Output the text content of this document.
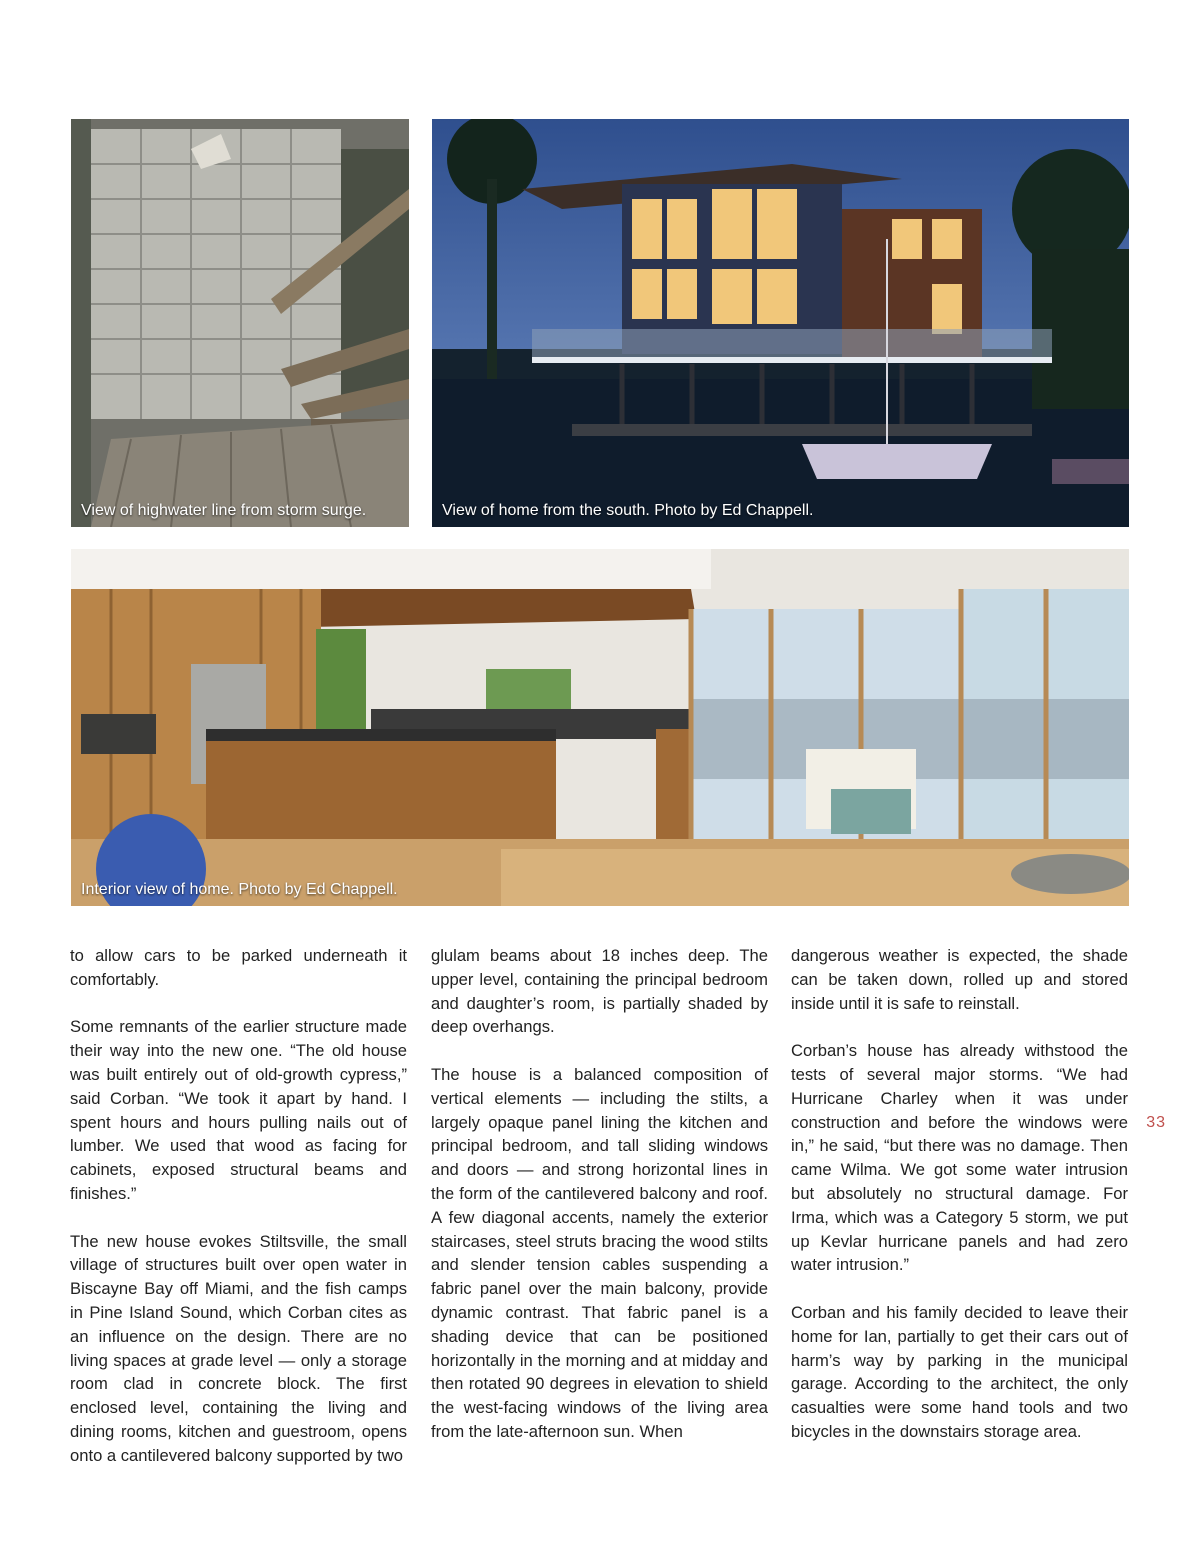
View of highwater line from storm surge.	View of home from the south. Photo by Ed Chappell.
Interior view of home. Photo by Ed Chappell.

to allow cars to be parked underneath it comfortably.

Some remnants of the earlier structure made their way into the new one. “The old house was built entirely out of old-growth cypress,” said Corban. “We took it apart by hand. I spent hours and hours pulling nails out of lumber. We used that wood as facing for cabinets, exposed structural beams and finishes.”

The new house evokes Stiltsville, the small village of structures built over open water in Biscayne Bay off Miami, and the fish camps in Pine Island Sound, which Corban cites as an influence on the design. There are no living spaces at grade level — only a storage room clad in concrete block. The first enclosed level, containing the living and dining rooms, kitchen and guestroom, opens onto a cantilevered balcony supported by two

glulam beams about 18 inches deep. The upper level, containing the principal bedroom and daughter’s room, is partially shaded by deep overhangs.

The house is a balanced composition of vertical elements — including the stilts, a largely opaque panel lining the kitchen and principal bedroom, and tall sliding windows and doors — and strong horizontal lines in the form of the cantilevered balcony and roof. A few diagonal accents, namely the exterior staircases, steel struts bracing the wood stilts and slender tension cables suspending a fabric panel over the main balcony, provide dynamic contrast. That fabric panel is a shading device that can be positioned horizontally in the morning and at midday and then rotated 90 degrees in elevation to shield the west-facing windows of the living area from the late-afternoon sun. When

dangerous weather is expected, the shade can be taken down, rolled up and stored inside until it is safe to reinstall.

Corban’s house has already withstood the tests of several major storms. “We had Hurricane Charley when it was under construction and before the windows were in,” he said, “but there was no damage. Then came Wilma. We got some water intrusion but absolutely no structural damage. For Irma, which was a Category 5 storm, we put up Kevlar hurricane panels and had zero water intrusion.”

Corban and his family decided to leave their home for Ian, partially to get their cars out of harm’s way by parking in the municipal garage. According to the architect, the only casualties were some hand tools and two bicycles in the downstairs storage area.

33
